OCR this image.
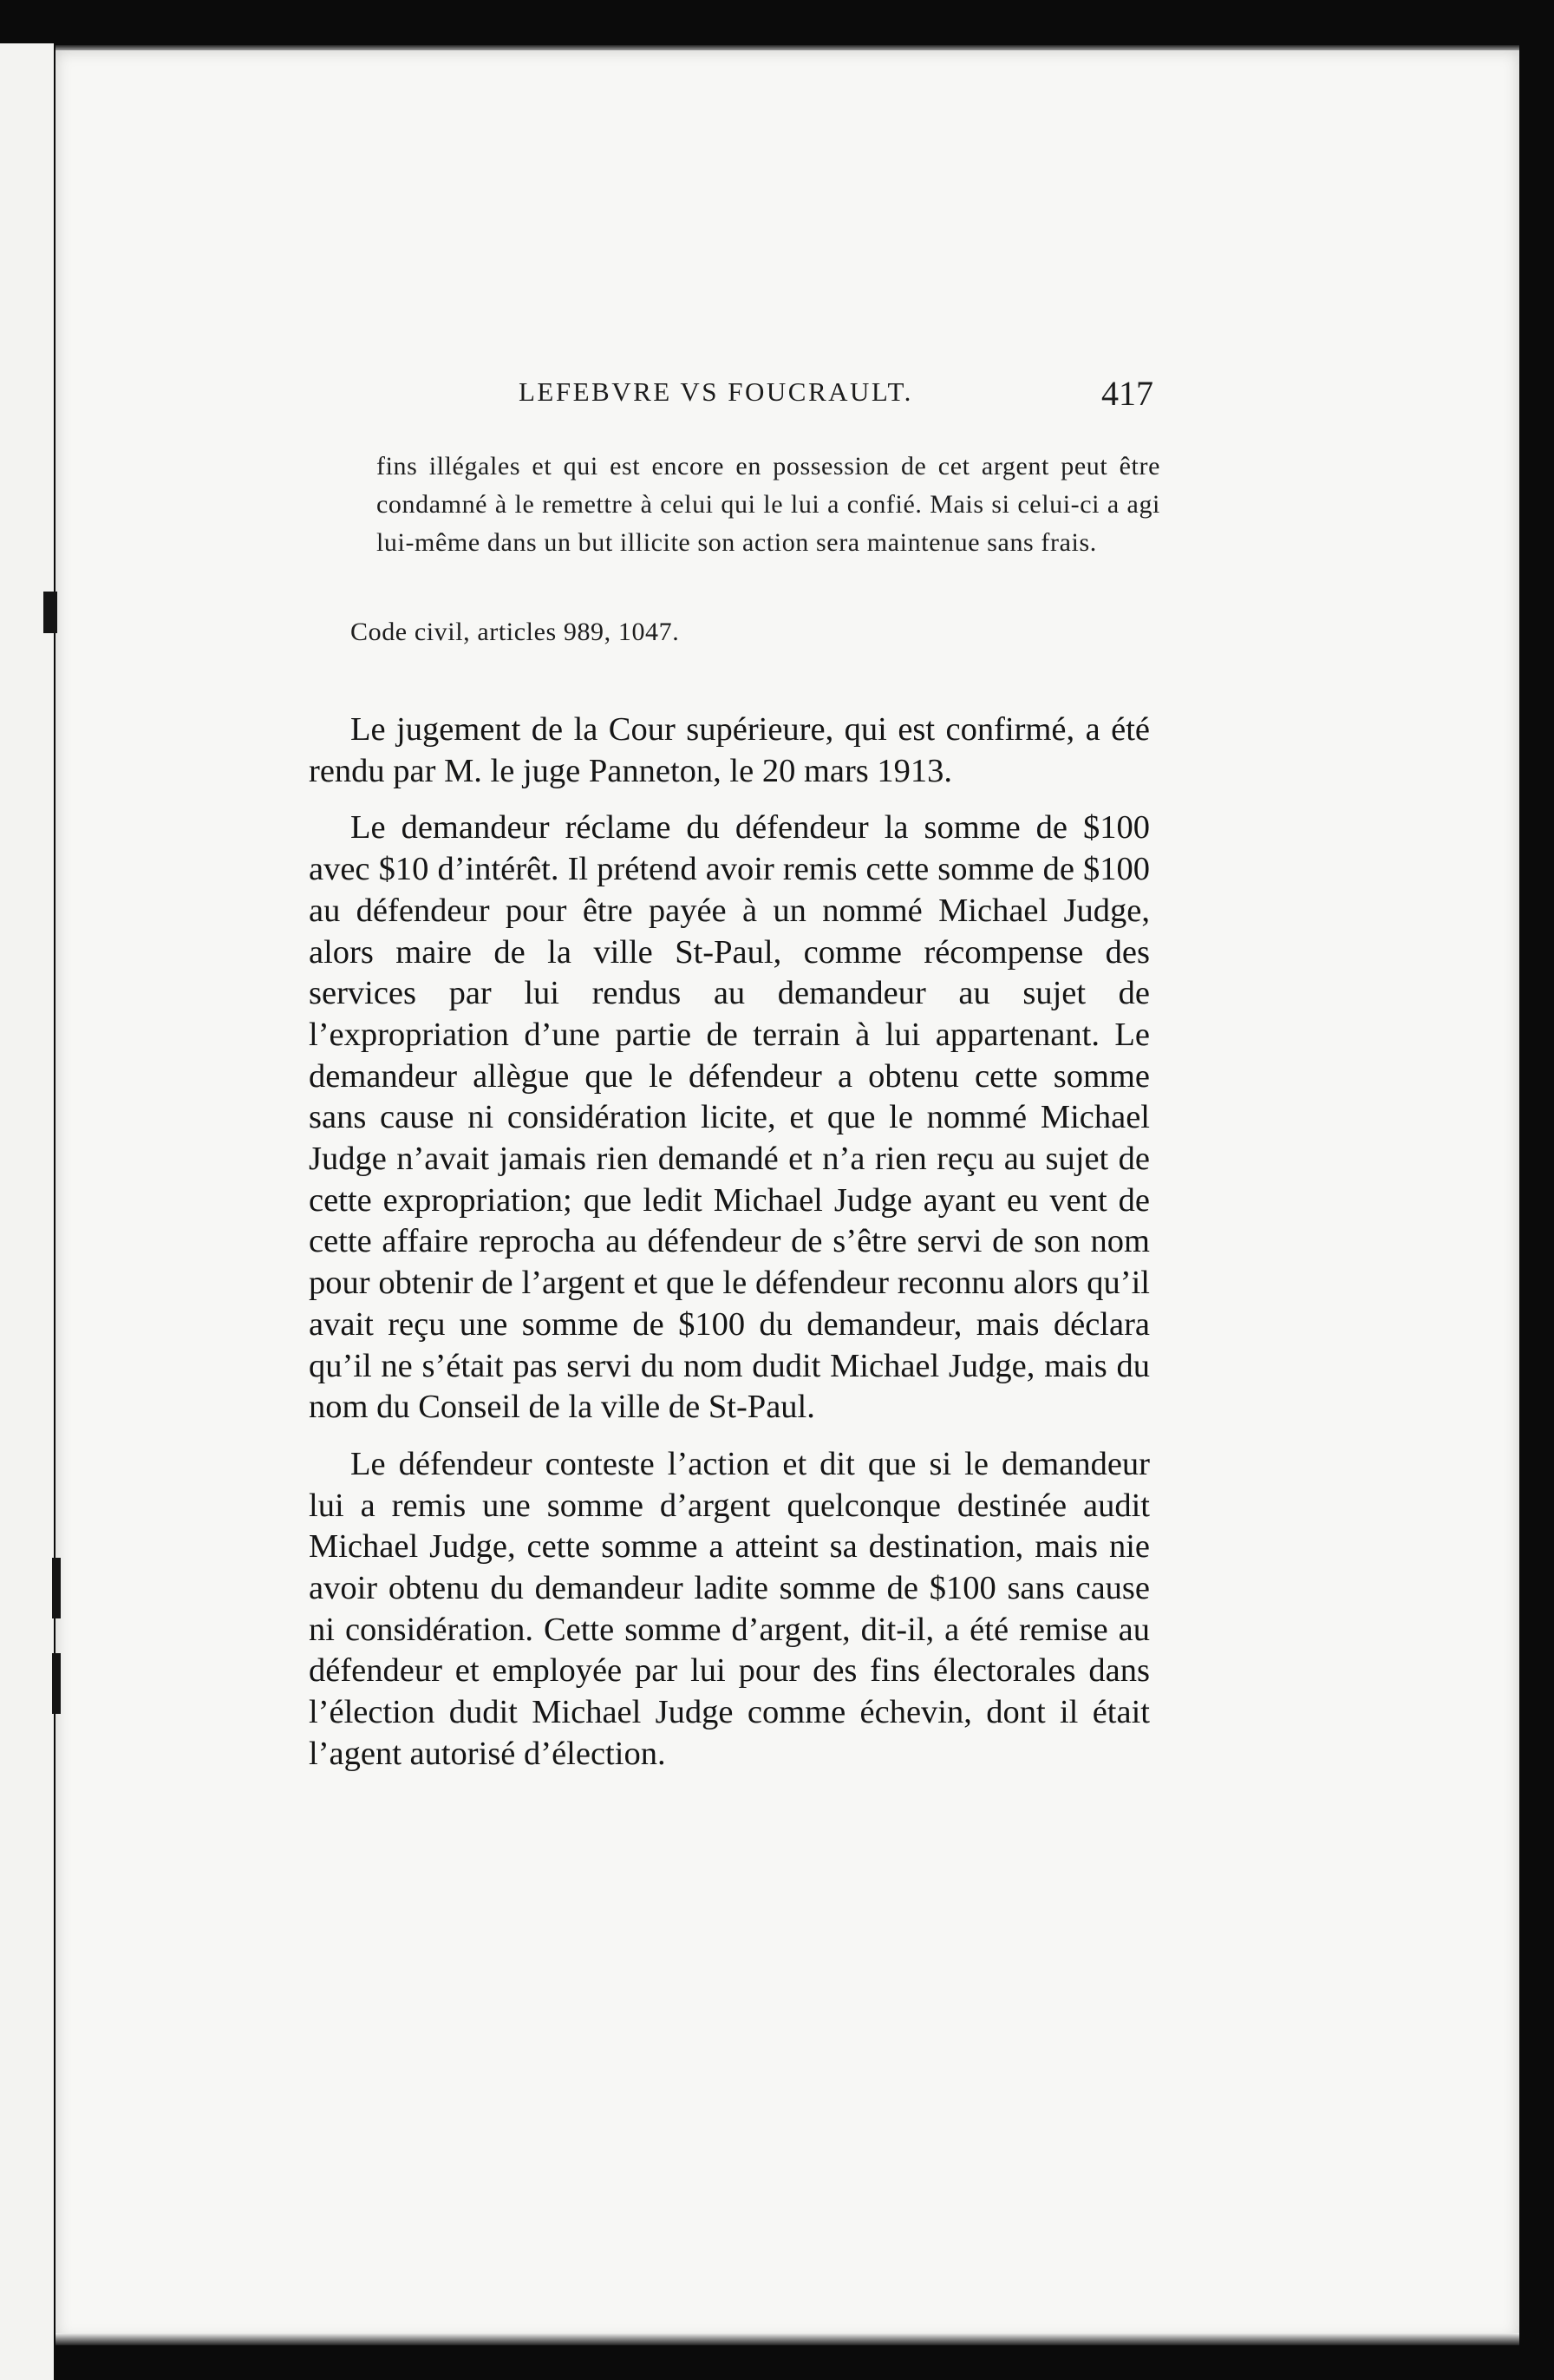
LEFEBVRE VS FOUCRAULT.	417

fins illégales et qui est encore en possession de cet argent peut être condamné à le remettre à celui qui le lui a confié. Mais si celui-ci a agi lui-même dans un but illicite son action sera maintenue sans frais.

Code civil, articles 989, 1047.

Le jugement de la Cour supérieure, qui est confirmé, a été rendu par M. le juge Panneton, le 20 mars 1913.

Le demandeur réclame du défendeur la somme de $100 avec $10 d’intérêt. Il prétend avoir remis cette somme de $100 au défendeur pour être payée à un nommé Michael Judge, alors maire de la ville St-Paul, comme récompense des services par lui rendus au demandeur au sujet de l’expropriation d’une partie de terrain à lui appartenant. Le demandeur allègue que le défendeur a obtenu cette somme sans cause ni considération licite, et que le nommé Michael Judge n’avait jamais rien demandé et n’a rien reçu au sujet de cette expropriation; que ledit Michael Judge ayant eu vent de cette affaire reprocha au défendeur de s’être servi de son nom pour obtenir de l’argent et que le défendeur reconnu alors qu’il avait reçu une somme de $100 du demandeur, mais déclara qu’il ne s’était pas servi du nom dudit Michael Judge, mais du nom du Conseil de la ville de St-Paul.

Le défendeur conteste l’action et dit que si le demandeur lui a remis une somme d’argent quelconque destinée audit Michael Judge, cette somme a atteint sa destination, mais nie avoir obtenu du demandeur ladite somme de $100 sans cause ni considération. Cette somme d’argent, dit-il, a été remise au défendeur et employée par lui pour des fins électorales dans l’élection dudit Michael Judge comme échevin, dont il était l’agent autorisé d’élection.
